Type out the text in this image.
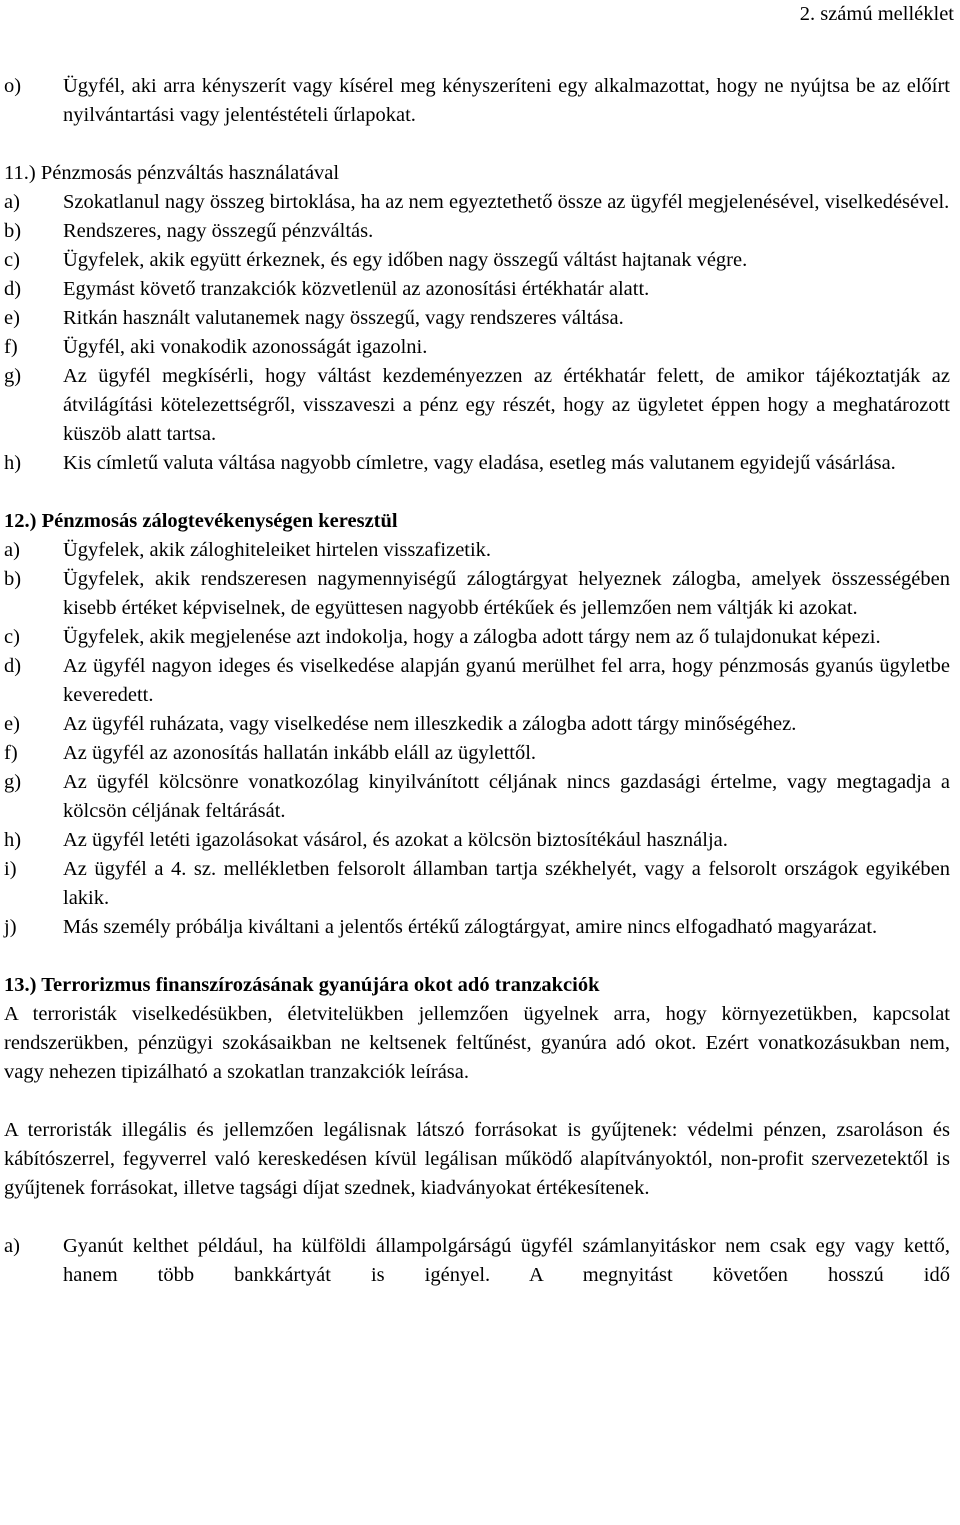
2. számú melléklet
o)	Ügyfél, aki arra kényszerít vagy kísérel meg kényszeríteni egy alkalmazottat, hogy ne nyújtsa be az előírt nyilvántartási vagy jelentéstételi űrlapokat.
11.) Pénzmosás pénzváltás használatával
a)	Szokatlanul nagy összeg birtoklása, ha az nem egyeztethető össze az ügyfél megjelenésével, viselkedésével.
b)	Rendszeres, nagy összegű pénzváltás.
c)	Ügyfelek, akik együtt érkeznek, és egy időben nagy összegű váltást hajtanak végre.
d)	Egymást követő tranzakciók közvetlenül az azonosítási értékhatár alatt.
e)	Ritkán használt valutanemek nagy összegű, vagy rendszeres váltása.
f)	Ügyfél, aki vonakodik azonosságát igazolni.
g)	Az ügyfél megkísérli, hogy váltást kezdeményezzen az értékhatár felett, de amikor tájékoztatják az átvilágítási kötelezettségről, visszaveszi a pénz egy részét, hogy az ügyletet éppen hogy a meghatározott küszöb alatt tartsa.
h)	Kis címletű valuta váltása nagyobb címletre, vagy eladása, esetleg más valutanem egyidejű vásárlása.
12.) Pénzmosás zálogtevékenységen keresztül
a)	Ügyfelek, akik záloghiteleiket hirtelen visszafizetik.
b)	Ügyfelek, akik rendszeresen nagymennyiségű zálogtárgyat helyeznek zálogba, amelyek összességében kisebb értéket képviselnek, de együttesen nagyobb értékűek és jellemzően nem váltják ki azokat.
c)	Ügyfelek, akik megjelenése azt indokolja, hogy a zálogba adott tárgy nem az ő tulajdonukat képezi.
d)	Az ügyfél nagyon ideges és viselkedése alapján gyanú merülhet fel arra, hogy pénzmosás gyanús ügyletbe keveredett.
e)	Az ügyfél ruházata, vagy viselkedése nem illeszkedik a zálogba adott tárgy minőségéhez.
f)	Az ügyfél az azonosítás hallatán inkább eláll az ügylettől.
g)	Az ügyfél kölcsönre vonatkozólag kinyilvánított céljának nincs gazdasági értelme, vagy megtagadja a kölcsön céljának feltárását.
h)	Az ügyfél letéti igazolásokat vásárol, és azokat a kölcsön biztosítékául használja.
i)	Az ügyfél a 4. sz. mellékletben felsorolt államban tartja székhelyét, vagy a felsorolt országok egyikében lakik.
j)	Más személy próbálja kiváltani a jelentős értékű zálogtárgyat, amire nincs elfogadható magyarázat.
13.) Terrorizmus finanszírozásának gyanújára okot adó tranzakciók
A terroristák viselkedésükben, életvitelükben jellemzően ügyelnek arra, hogy környezetükben, kapcsolat rendszerükben, pénzügyi szokásaikban ne keltsenek feltűnést, gyanúra adó okot. Ezért vonatkozásukban nem, vagy nehezen tipizálható a szokatlan tranzakciók leírása.
A terroristák illegális és jellemzően legálisnak látszó forrásokat is gyűjtenek: védelmi pénzen, zsaroláson és kábítószerrel, fegyverrel való kereskedésen kívül legálisan működő alapítványoktól, non-profit szervezetektől is gyűjtenek forrásokat, illetve tagsági díjat szednek, kiadványokat értékesítenek.
a)	Gyanút kelthet például, ha külföldi állampolgárságú ügyfél számlanyitáskor nem csak egy vagy kettő, hanem több bankkártyát is igényel. A megnyitást követően hosszú idő
